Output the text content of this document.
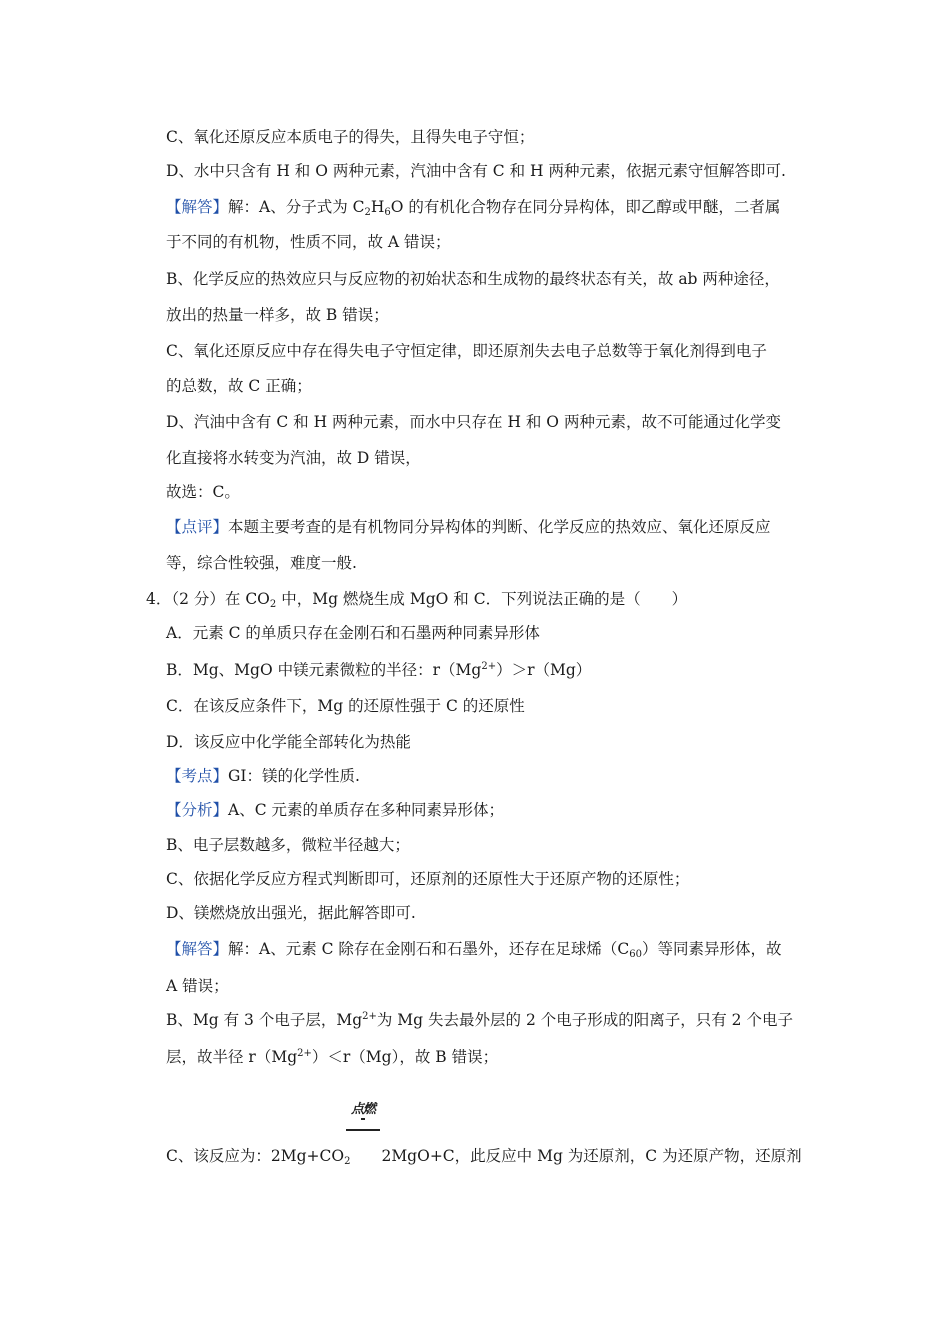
C、氧化还原反应本质电子的得失，且得失电子守恒；
D、水中只含有 H 和 O 两种元素，汽油中含有 C 和 H 两种元素，依据元素守恒解答即可.
【解答】解：A、分子式为 $C_2H_6O$ 的有机化合物存在同分异构体，即乙醇或甲醚，二者属
于不同的有机物，性质不同，故 A 错误；
B、化学反应的热效应只与反应物的初始状态和生成物的最终状态有关，故 ab 两种途径，
放出的热量一样多，故 B 错误；
C、氧化还原反应中存在得失电子守恒定律，即还原剂失去电子总数等于氧化剂得到电子
的总数，故 C 正确；
D、汽油中含有 C 和 H 两种元素，而水中只存在 H 和 O 两种元素，故不可能通过化学变
化直接将水转变为汽油，故 D 错误，
故选：C。
【点评】本题主要考查的是有机物同分异构体的判断、化学反应的热效应、氧化还原反应
等，综合性较强，难度一般.
4．（2 分）在 $CO_2$ 中，Mg 燃烧生成 MgO 和 C．下列说法正确的是（　　）
A．元素 C 的单质只存在金刚石和石墨两种同素异形体
B．Mg、MgO 中镁元素微粒的半径：$r(Mg^{2+})>r(Mg)$
C．在该反应条件下，Mg 的还原性强于 C 的还原性
D．该反应中化学能全部转化为热能
【考点】GI：镁的化学性质.
【分析】A、C 元素的单质存在多种同素异形体；
B、电子层数越多，微粒半径越大；
C、依据化学反应方程式判断即可，还原剂的还原性大于还原产物的还原性；
D、镁燃烧放出强光，据此解答即可.
【解答】解：A、元素 C 除存在金刚石和石墨外，还存在足球烯$(C_{60})$等同素异形体，故
A 错误；
B、Mg 有 3 个电子层，$Mg^{2+}$为 Mg 失去最外层的 2 个电子形成的阳离子，只有 2 个电子
层，故半径 $r(Mg^{2+})<r(Mg)$，故 B 错误；
C、该反应为：$2Mg+CO_2$　　2MgO+C，此反应中 Mg 为还原剂，C 为还原产物，还原剂
点燃
